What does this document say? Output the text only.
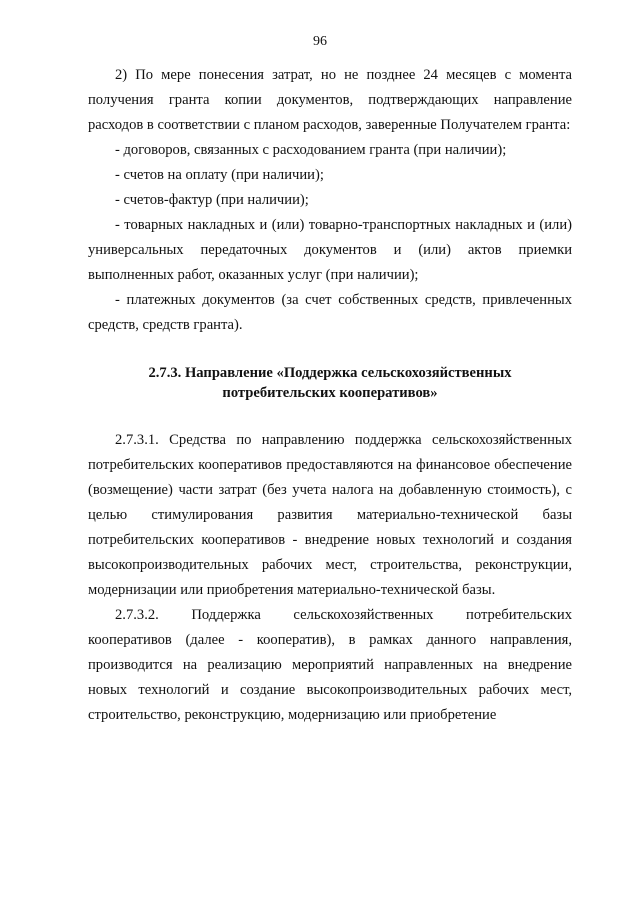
96

2) По мере понесения затрат, но не позднее 24 месяцев с момента получения гранта копии документов, подтверждающих направление расходов в соответствии с планом расходов, заверенные Получателем гранта:

- договоров, связанных с расходованием гранта (при наличии);

- счетов на оплату (при наличии);

- счетов-фактур (при наличии);

- товарных накладных и (или) товарно-транспортных накладных и (или) универсальных передаточных документов и (или) актов приемки выполненных работ, оказанных услуг (при наличии);

- платежных документов (за счет собственных средств, привлеченных средств, средств гранта).

2.7.3. Направление «Поддержка сельскохозяйственных
потребительских кооперативов»

2.7.3.1. Средства по направлению поддержка сельскохозяйственных потребительских кооперативов предоставляются на финансовое обеспечение (возмещение) части затрат (без учета налога на добавленную стоимость), с целью стимулирования развития материально-технической базы потребительских кооперативов - внедрение новых технологий и создания высокопроизводительных рабочих мест, строительства, реконструкции, модернизации или приобретения материально-технической базы.

2.7.3.2. Поддержка сельскохозяйственных потребительских кооперативов (далее - кооператив), в рамках данного направления, производится на реализацию мероприятий направленных на внедрение новых технологий и создание высокопроизводительных рабочих мест, строительство, реконструкцию, модернизацию или приобретение
